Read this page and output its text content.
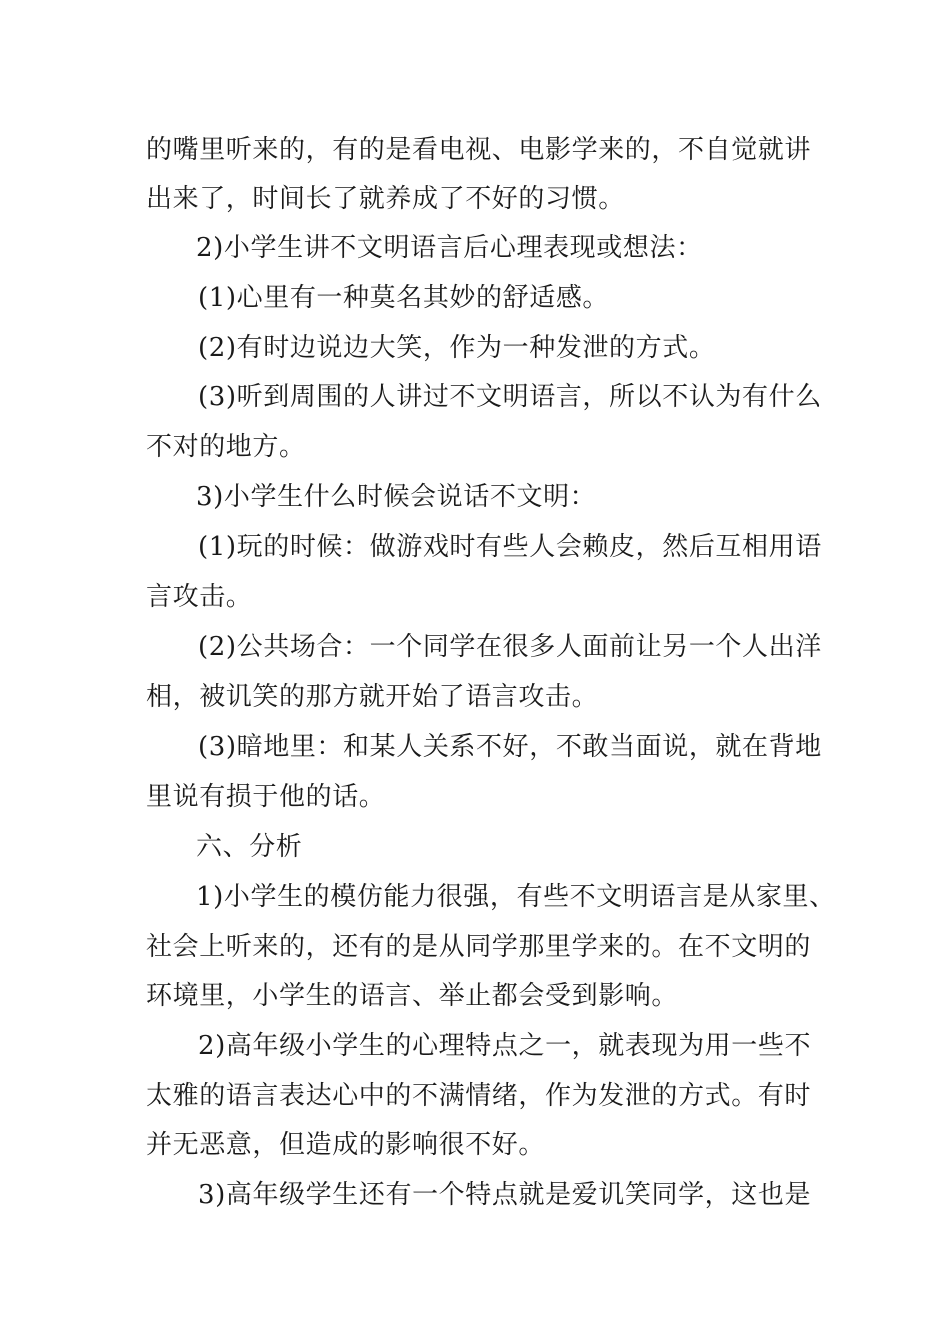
的嘴里听来的，有的是看电视、电影学来的，不自觉就讲
出来了，时间长了就养成了不好的习惯。
2)小学生讲不文明语言后心理表现或想法：
(1)心里有一种莫名其妙的舒适感。
(2)有时边说边大笑，作为一种发泄的方式。
(3)听到周围的人讲过不文明语言，所以不认为有什么
不对的地方。
3)小学生什么时候会说话不文明：
(1)玩的时候：做游戏时有些人会赖皮，然后互相用语
言攻击。
(2)公共场合：一个同学在很多人面前让另一个人出洋
相，被讥笑的那方就开始了语言攻击。
(3)暗地里：和某人关系不好，不敢当面说，就在背地
里说有损于他的话。
六、分析
1)小学生的模仿能力很强，有些不文明语言是从家里、
社会上听来的，还有的是从同学那里学来的。在不文明的
环境里，小学生的语言、举止都会受到影响。
2)高年级小学生的心理特点之一，就表现为用一些不
太雅的语言表达心中的不满情绪，作为发泄的方式。有时
并无恶意，但造成的影响很不好。
3)高年级学生还有一个特点就是爱讥笑同学，这也是
